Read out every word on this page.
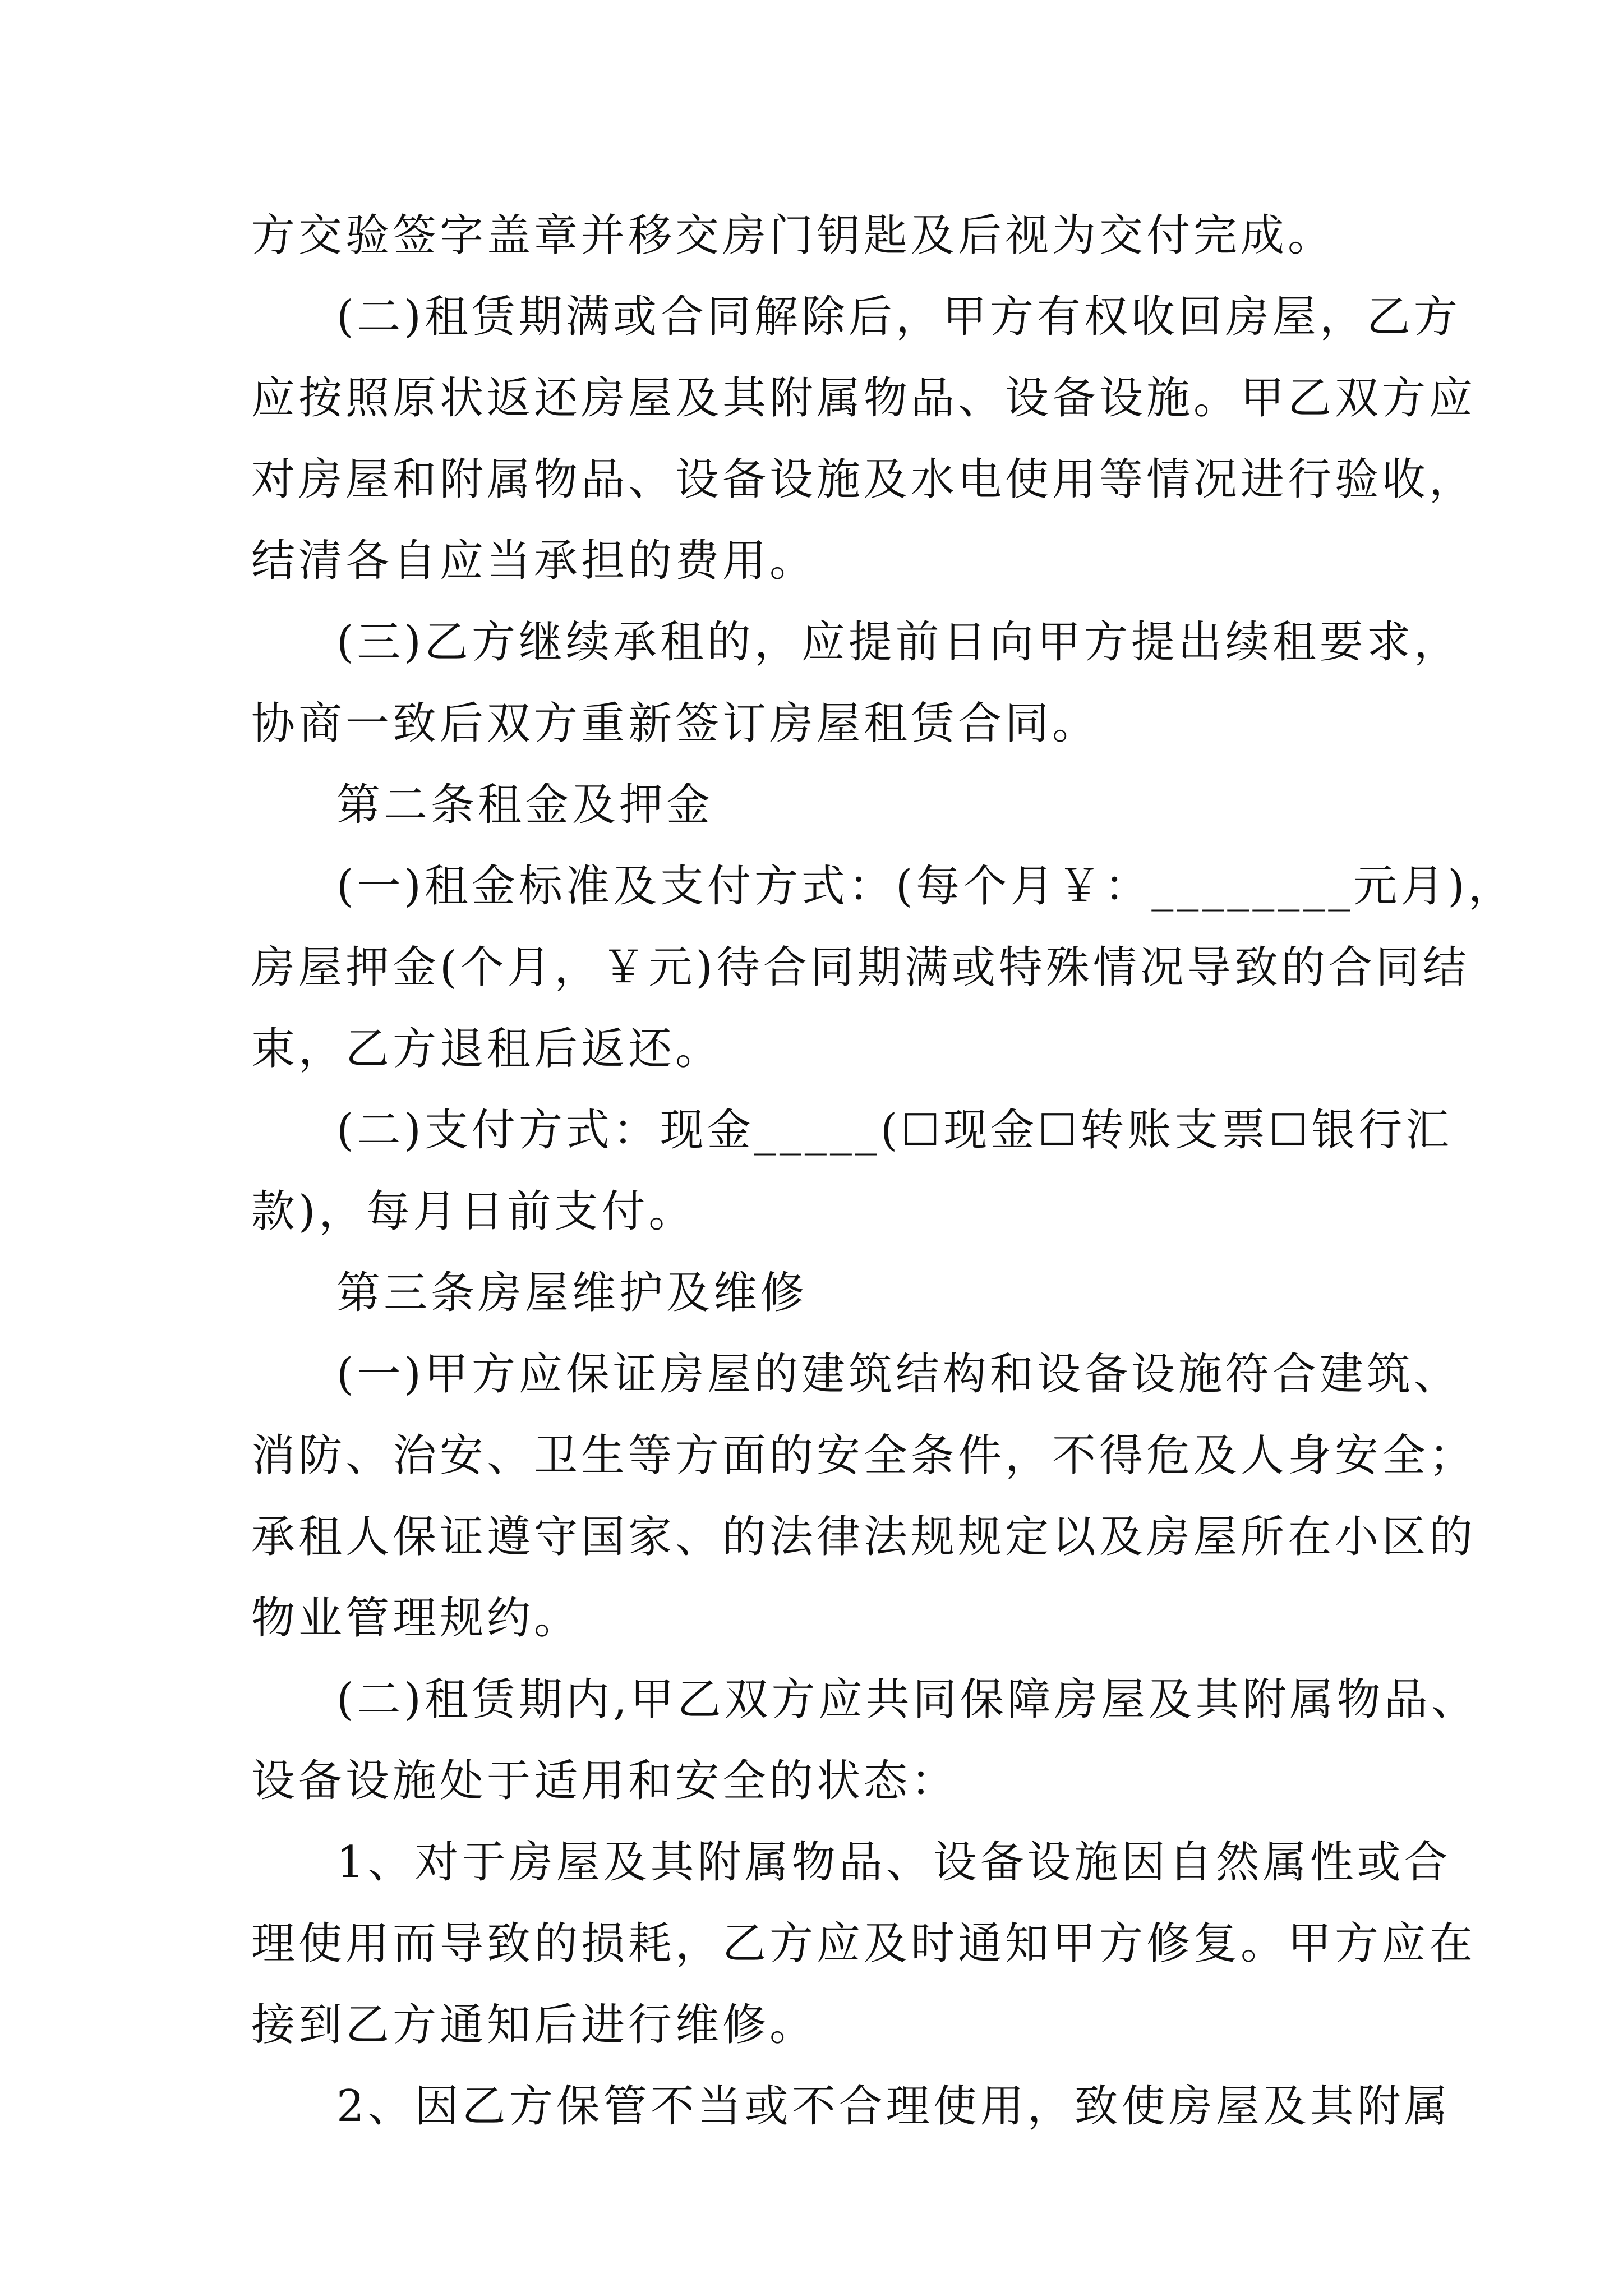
方交验签字盖章并移交房门钥匙及后视为交付完成。
(二)租赁期满或合同解除后，甲方有权收回房屋，乙方
应按照原状返还房屋及其附属物品、设备设施。甲乙双方应
对房屋和附属物品、设备设施及水电使用等情况进行验收，
结清各自应当承担的费用。
(三)乙方继续承租的，应提前日向甲方提出续租要求，
协商一致后双方重新签订房屋租赁合同。
第二条租金及押金
(一)租金标准及支付方式：(每个月￥：________元月)，
房屋押金(个月，￥元)待合同期满或特殊情况导致的合同结
束，乙方退租后返还。
(二)支付方式：现金_____(☐现金☐转账支票☐银行汇
款)，每月日前支付。
第三条房屋维护及维修
(一)甲方应保证房屋的建筑结构和设备设施符合建筑、
消防、治安、卫生等方面的安全条件，不得危及人身安全；
承租人保证遵守国家、的法律法规规定以及房屋所在小区的
物业管理规约。
(二)租赁期内,甲乙双方应共同保障房屋及其附属物品、
设备设施处于适用和安全的状态：
1、对于房屋及其附属物品、设备设施因自然属性或合
理使用而导致的损耗，乙方应及时通知甲方修复。甲方应在
接到乙方通知后进行维修。
2、因乙方保管不当或不合理使用，致使房屋及其附属
